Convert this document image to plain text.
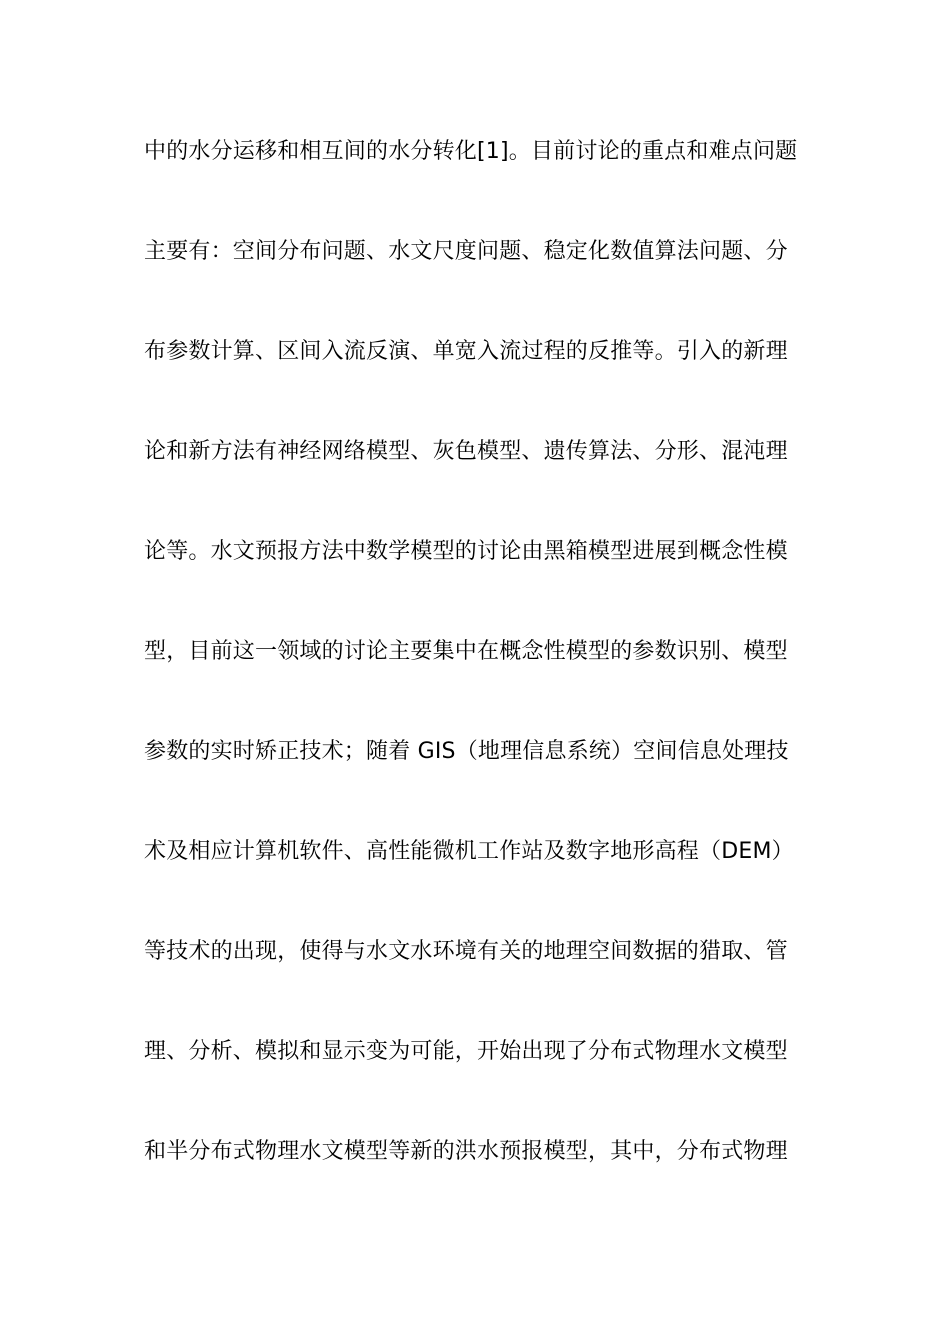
中的水分运移和相互间的水分转化[1]。目前讨论的重点和难点问题
主要有：空间分布问题、水文尺度问题、稳定化数值算法问题、分
布参数计算、区间入流反演、单宽入流过程的反推等。引入的新理
论和新方法有神经网络模型、灰色模型、遗传算法、分形、混沌理
论等。水文预报方法中数学模型的讨论由黑箱模型进展到概念性模
型，目前这一领域的讨论主要集中在概念性模型的参数识别、模型
参数的实时矫正技术；随着 GIS（地理信息系统）空间信息处理技
术及相应计算机软件、高性能微机工作站及数字地形高程（DEM）
等技术的出现，使得与水文水环境有关的地理空间数据的猎取、管
理、分析、模拟和显示变为可能，开始出现了分布式物理水文模型
和半分布式物理水文模型等新的洪水预报模型，其中，分布式物理
